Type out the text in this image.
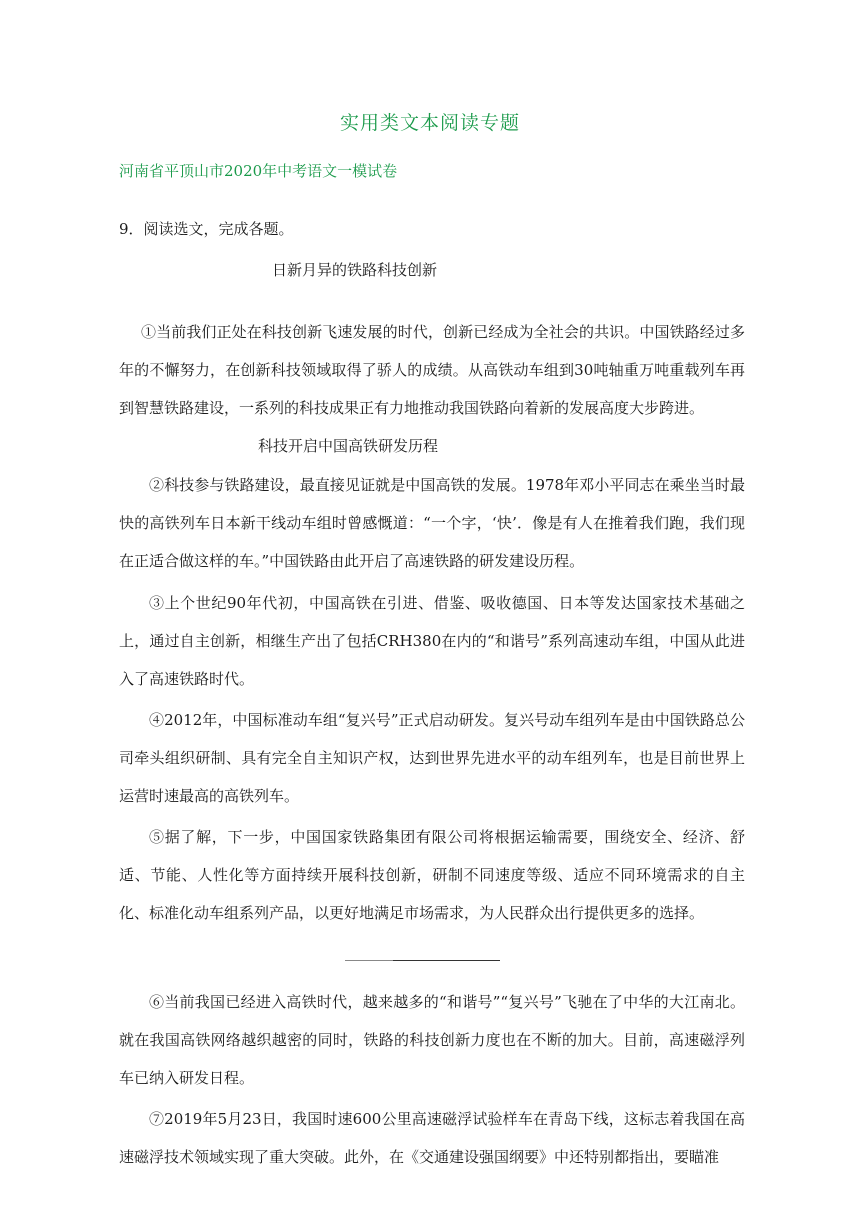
实用类文本阅读专题
河南省平顶山市2020年中考语文一模试卷
9．阅读选文，完成各题。
日新月异的铁路科技创新

①当前我们正处在科技创新飞速发展的时代，创新已经成为全社会的共识。中国铁路经过多年的不懈努力，在创新科技领域取得了骄人的成绩。从高铁动车组到30吨轴重万吨重载列车再到智慧铁路建设，一系列的科技成果正有力地推动我国铁路向着新的发展高度大步跨进。

科技开启中国高铁研发历程

②科技参与铁路建设，最直接见证就是中国高铁的发展。1978年邓小平同志在乘坐当时最快的高铁列车日本新干线动车组时曾感慨道：“一个字，‘快’．像是有人在推着我们跑，我们现在正适合做这样的车。”中国铁路由此开启了高速铁路的研发建设历程。

③上个世纪90年代初，中国高铁在引进、借鉴、吸收德国、日本等发达国家技术基础之上，通过自主创新，相继生产出了包括CRH380在内的“和谐号”系列高速动车组，中国从此进入了高速铁路时代。

④2012年，中国标准动车组“复兴号”正式启动研发。复兴号动车组列车是由中国铁路总公司牵头组织研制、具有完全自主知识产权，达到世界先进水平的动车组列车，也是目前世界上运营时速最高的高铁列车。

⑤据了解，下一步，中国国家铁路集团有限公司将根据运输需要，围绕安全、经济、舒适、节能、人性化等方面持续开展科技创新，研制不同速度等级、适应不同环境需求的自主化、标准化动车组系列产品，以更好地满足市场需求，为人民群众出行提供更多的选择。

⑥当前我国已经进入高铁时代，越来越多的“和谐号”“复兴号”飞驰在了中华的大江南北。就在我国高铁网络越织越密的同时，铁路的科技创新力度也在不断的加大。目前，高速磁浮列车已纳入研发日程。

⑦2019年5月23日，我国时速600公里高速磁浮试验样车在青岛下线，这标志着我国在高速磁浮技术领域实现了重大突破。此外，在《交通建设强国纲要》中还特别都指出，要瞄准
